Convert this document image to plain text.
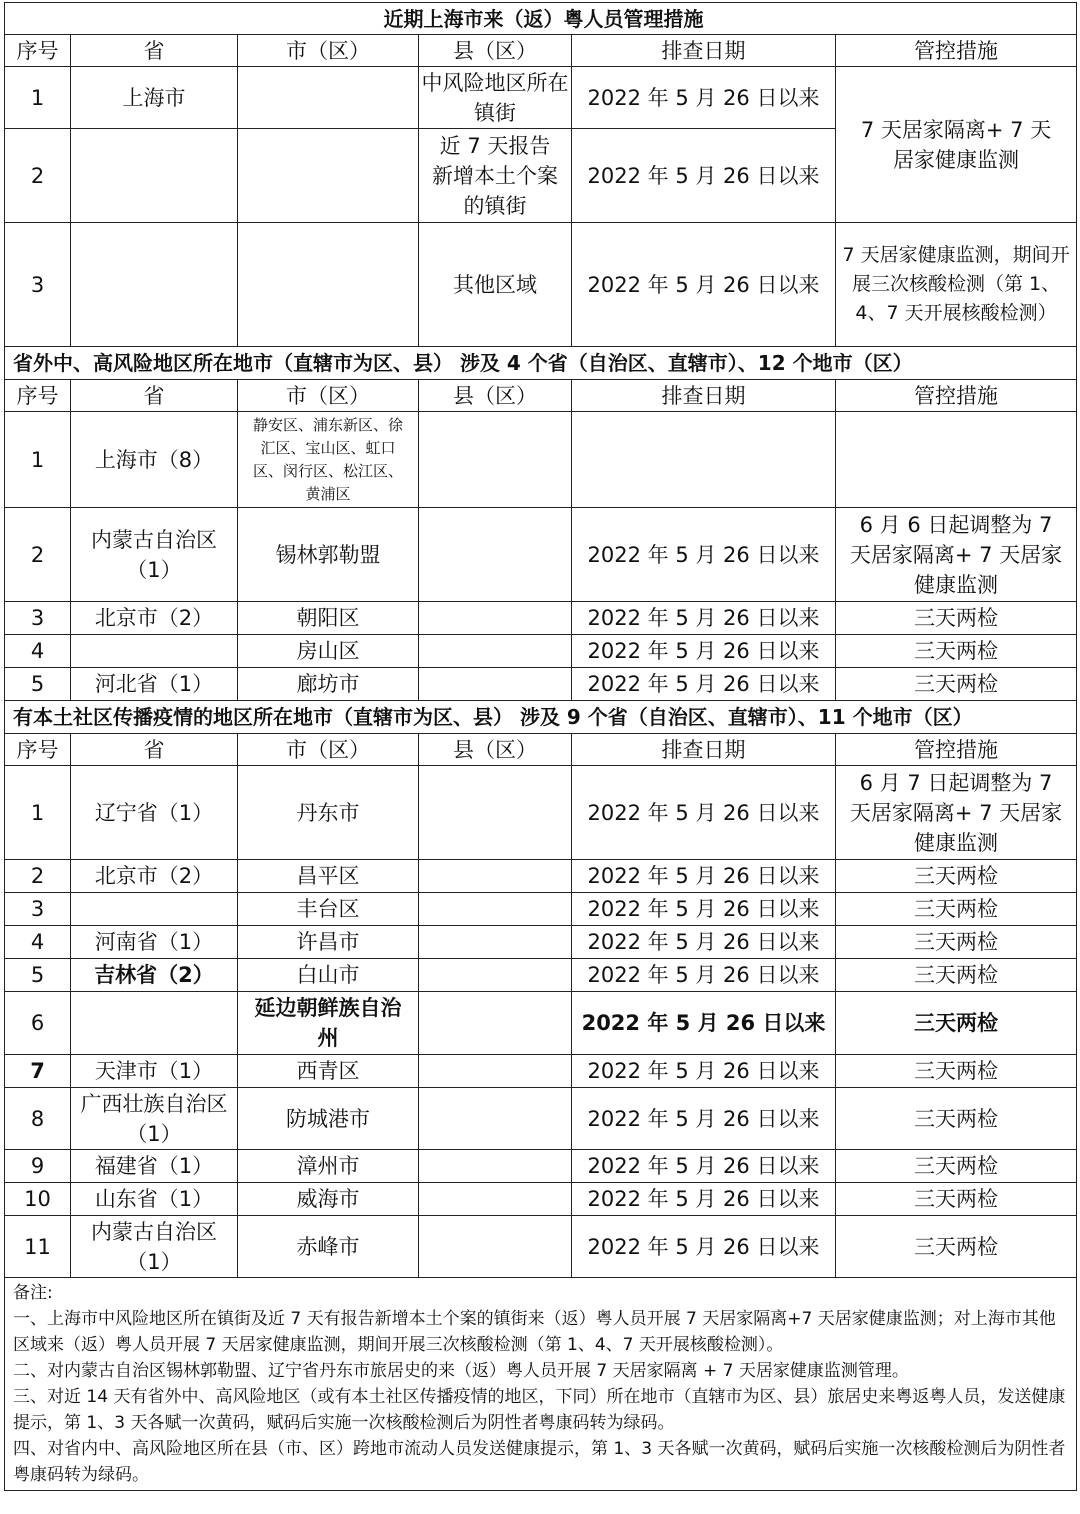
近期上海市来（返）粤人员管理措施					
序号	省	市（区）	县（区）	排查日期	管控措施
1	上海市		中风险地区所在镇街	2022 年 5 月 26 日以来	7 天居家隔离+ 7 天居家健康监测
2			近 7 天报告新增本土个案的镇街	2022 年 5 月 26 日以来	
3			其他区域	2022 年 5 月 26 日以来	7 天居家健康监测，期间开展三次核酸检测（第 1、4、7 天开展核酸检测）
省外中、高风险地区所在地市（直辖市为区、县） 涉及 4 个省（自治区、直辖市）、12 个地市（区）					
序号	省	市（区）	县（区）	排查日期	管控措施
1	上海市（8）	静安区、浦东新区、徐汇区、宝山区、虹口区、闵行区、松江区、黄浦区			
2	内蒙古自治区（1）	锡林郭勒盟		2022 年 5 月 26 日以来	6 月 6 日起调整为 7 天居家隔离+ 7 天居家健康监测
3	北京市（2）	朝阳区		2022 年 5 月 26 日以来	三天两检
4		房山区		2022 年 5 月 26 日以来	三天两检
5	河北省（1）	廊坊市		2022 年 5 月 26 日以来	三天两检
有本土社区传播疫情的地区所在地市（直辖市为区、县） 涉及 9 个省（自治区、直辖市）、11 个地市（区）					
序号	省	市（区）	县（区）	排查日期	管控措施
1	辽宁省（1）	丹东市		2022 年 5 月 26 日以来	6 月 7 日起调整为 7 天居家隔离+ 7 天居家健康监测
2	北京市（2）	昌平区		2022 年 5 月 26 日以来	三天两检
3		丰台区		2022 年 5 月 26 日以来	三天两检
4	河南省（1）	许昌市		2022 年 5 月 26 日以来	三天两检
5	吉林省（2）	白山市		2022 年 5 月 26 日以来	三天两检
6		延边朝鲜族自治州		2022 年 5 月 26 日以来	三天两检
7	天津市（1）	西青区		2022 年 5 月 26 日以来	三天两检
8	广西壮族自治区（1）	防城港市		2022 年 5 月 26 日以来	三天两检
9	福建省（1）	漳州市		2022 年 5 月 26 日以来	三天两检
10	山东省（1）	威海市		2022 年 5 月 26 日以来	三天两检
11	内蒙古自治区（1）	赤峰市		2022 年 5 月 26 日以来	三天两检

备注:
一、上海市中风险地区所在镇街及近 7 天有报告新增本土个案的镇街来（返）粤人员开展 7 天居家隔离+7 天居家健康监测；对上海市其他区域来（返）粤人员开展 7 天居家健康监测，期间开展三次核酸检测（第 1、4、7 天开展核酸检测）。
二、对内蒙古自治区锡林郭勒盟、辽宁省丹东市旅居史的来（返）粤人员开展 7 天居家隔离 + 7 天居家健康监测管理。
三、对近 14 天有省外中、高风险地区（或有本土社区传播疫情的地区，下同）所在地市（直辖市为区、县）旅居史来粤返粤人员，发送健康提示，第 1、3 天各赋一次黄码，赋码后实施一次核酸检测后为阴性者粤康码转为绿码。
四、对省内中、高风险地区所在县（市、区）跨地市流动人员发送健康提示，第 1、3 天各赋一次黄码，赋码后实施一次核酸检测后为阴性者粤康码转为绿码。					
